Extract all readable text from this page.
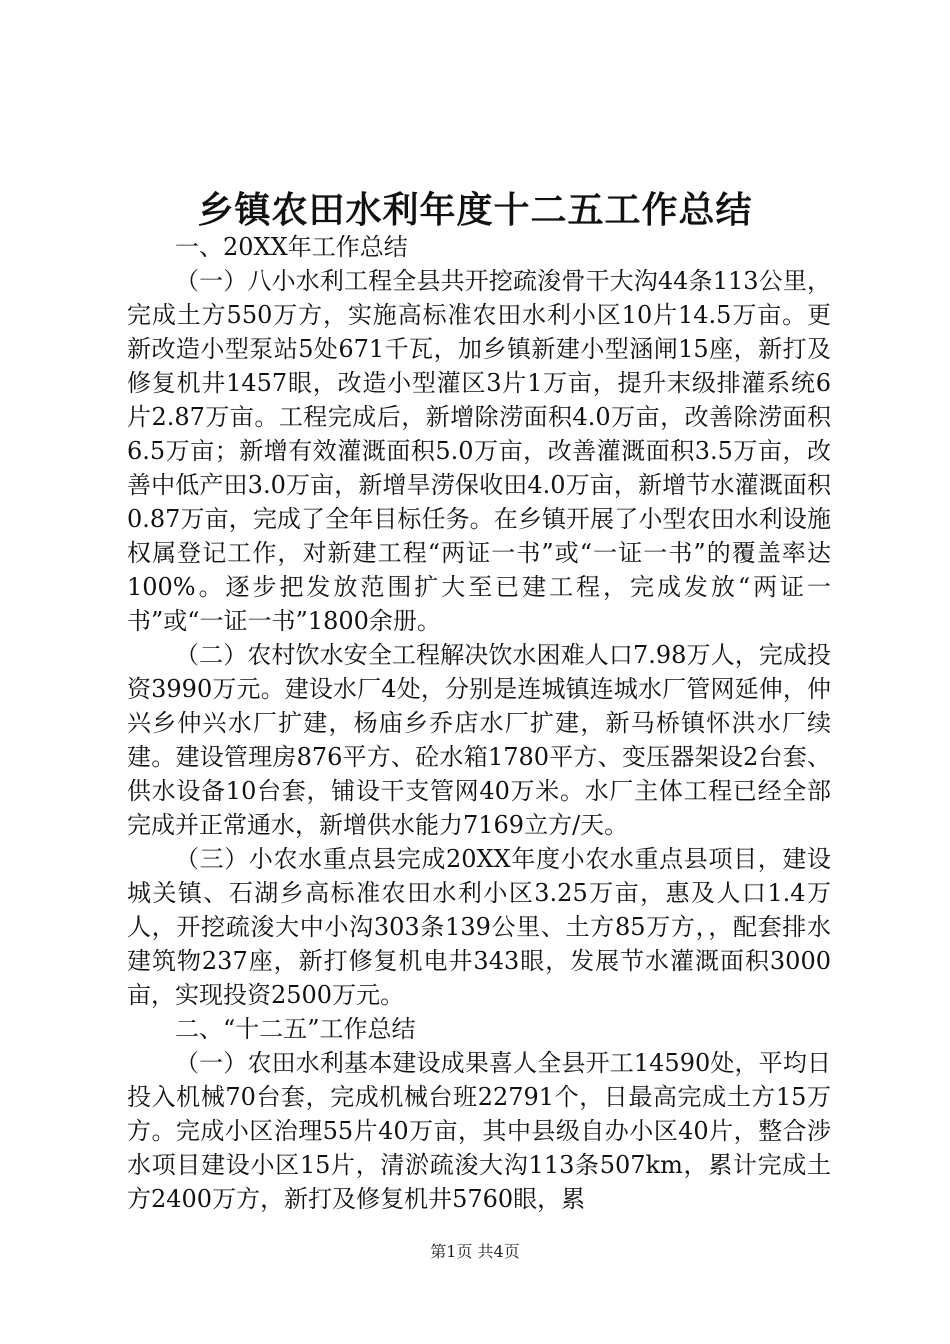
乡镇农田水利年度十二五工作总结

一、20XX年工作总结

（一）八小水利工程全县共开挖疏浚骨干大沟44条113公里，完成土方550万方，实施高标准农田水利小区10片14.5万亩。更新改造小型泵站5处671千瓦，加乡镇新建小型涵闸15座，新打及修复机井1457眼，改造小型灌区3片1万亩，提升末级排灌系统6片2.87万亩。工程完成后，新增除涝面积4.0万亩，改善除涝面积6.5万亩；新增有效灌溉面积5.0万亩，改善灌溉面积3.5万亩，改善中低产田3.0万亩，新增旱涝保收田4.0万亩，新增节水灌溉面积0.87万亩，完成了全年目标任务。在乡镇开展了小型农田水利设施权属登记工作，对新建工程“两证一书”或“一证一书”的覆盖率达100%。逐步把发放范围扩大至已建工程，完成发放“两证一书”或“一证一书”1800余册。

（二）农村饮水安全工程解决饮水困难人口7.98万人，完成投资3990万元。建设水厂4处，分别是连城镇连城水厂管网延伸，仲兴乡仲兴水厂扩建，杨庙乡乔店水厂扩建，新马桥镇怀洪水厂续建。建设管理房876平方、砼水箱1780平方、变压器架设2台套、供水设备10台套，铺设干支管网40万米。水厂主体工程已经全部完成并正常通水，新增供水能力7169立方/天。

（三）小农水重点县完成20XX年度小农水重点县项目，建设城关镇、石湖乡高标准农田水利小区3.25万亩，惠及人口1.4万人，开挖疏浚大中小沟303条139公里、土方85万方，，配套排水建筑物237座，新打修复机电井343眼，发展节水灌溉面积3000亩，实现投资2500万元。

二、“十二五”工作总结

（一）农田水利基本建设成果喜人全县开工14590处，平均日投入机械70台套，完成机械台班22791个，日最高完成土方15万方。完成小区治理55片40万亩，其中县级自办小区40片，整合涉水项目建设小区15片，清淤疏浚大沟113条507km，累计完成土方2400万方，新打及修复机井5760眼，累

第1页 共4页
